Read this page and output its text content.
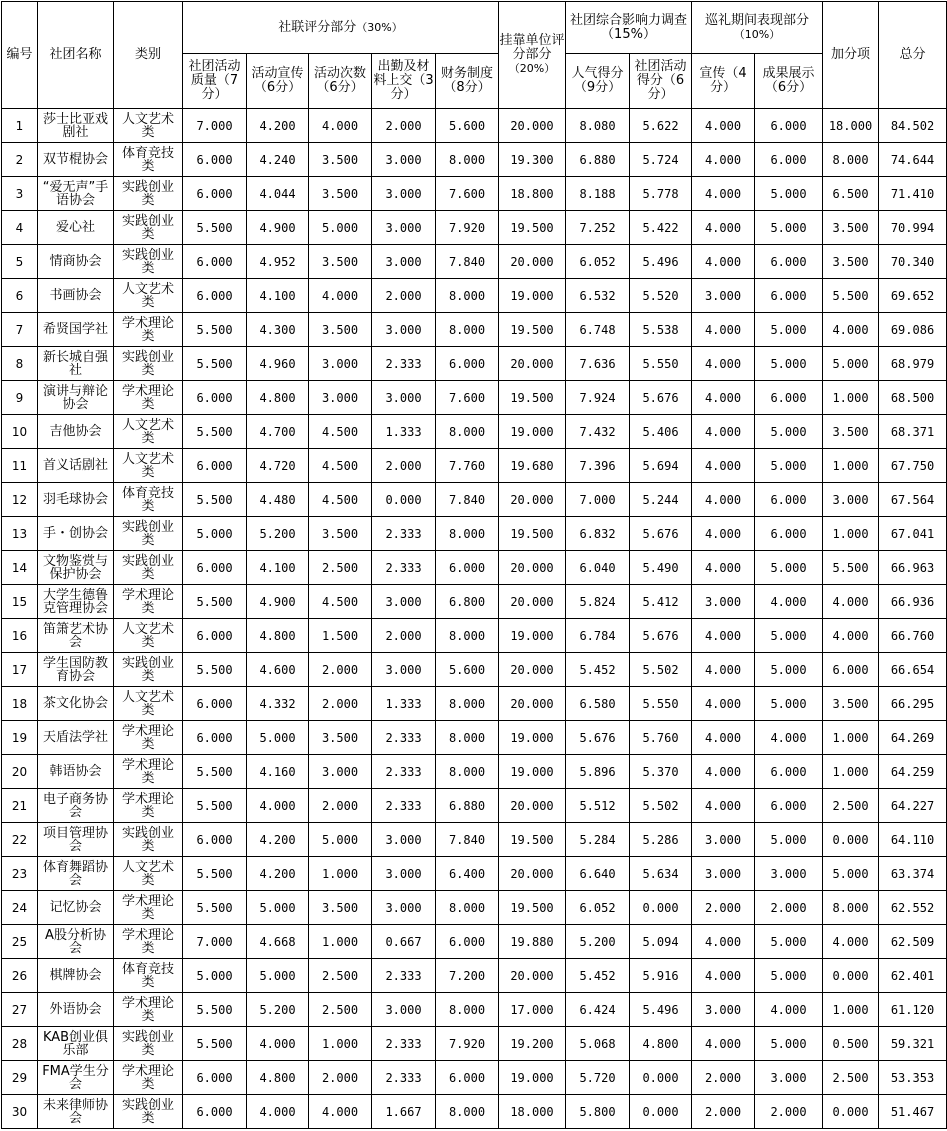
编号	社团名称	类别	社联评分部分（30%）					挂靠单位评分部分
（20%）	社团综合影响力调查（15%）		巡礼期间表现部分
（10%）		加分项	总分
			社团活动质量（7分）	活动宣传（6分）	活动次数（6分）	出勤及材料上交（3分）	财务制度（8分）		人气得分（9分）	社团活动得分（6分）	宣传（4分）	成果展示（6分）		
1	莎士比亚戏剧社	人文艺术类	7.000	4.200	4.000	2.000	5.600	20.000	8.080	5.622	4.000	6.000	18.000	84.502
2	双节棍协会	体育竞技类	6.000	4.240	3.500	3.000	8.000	19.300	6.880	5.724	4.000	6.000	8.000	74.644
3	“爱无声”手语协会	实践创业类	6.000	4.044	3.500	3.000	7.600	18.800	8.188	5.778	4.000	5.000	6.500	71.410
4	爱心社	实践创业类	5.500	4.900	5.000	3.000	7.920	19.500	7.252	5.422	4.000	5.000	3.500	70.994
5	情商协会	实践创业类	6.000	4.952	3.500	3.000	7.840	20.000	6.052	5.496	4.000	6.000	3.500	70.340
6	书画协会	人文艺术类	6.000	4.100	4.000	2.000	8.000	19.000	6.532	5.520	3.000	6.000	5.500	69.652
7	希贤国学社	学术理论类	5.500	4.300	3.500	3.000	8.000	19.500	6.748	5.538	4.000	5.000	4.000	69.086
8	新长城自强社	实践创业类	5.500	4.960	3.000	2.333	6.000	20.000	7.636	5.550	4.000	5.000	5.000	68.979
9	演讲与辩论协会	学术理论类	6.000	4.800	3.000	3.000	7.600	19.500	7.924	5.676	4.000	6.000	1.000	68.500
10	吉他协会	人文艺术类	5.500	4.700	4.500	1.333	8.000	19.000	7.432	5.406	4.000	5.000	3.500	68.371
11	首义话剧社	人文艺术类	6.000	4.720	4.500	2.000	7.760	19.680	7.396	5.694	4.000	5.000	1.000	67.750
12	羽毛球协会	体育竞技类	5.500	4.480	4.500	0.000	7.840	20.000	7.000	5.244	4.000	6.000	3.000	67.564
13	手・创协会	实践创业类	5.000	5.200	3.500	2.333	8.000	19.500	6.832	5.676	4.000	6.000	1.000	67.041
14	文物鉴赏与保护协会	实践创业类	6.000	4.100	2.500	2.333	6.000	20.000	6.040	5.490	4.000	5.000	5.500	66.963
15	大学生德鲁克管理协会	学术理论类	5.500	4.900	4.500	3.000	6.800	20.000	5.824	5.412	3.000	4.000	4.000	66.936
16	笛箫艺术协会	人文艺术类	6.000	4.800	1.500	2.000	8.000	19.000	6.784	5.676	4.000	5.000	4.000	66.760
17	学生国防教育协会	实践创业类	5.500	4.600	2.000	3.000	5.600	20.000	5.452	5.502	4.000	5.000	6.000	66.654
18	茶文化协会	人文艺术类	6.000	4.332	2.000	1.333	8.000	20.000	6.580	5.550	4.000	5.000	3.500	66.295
19	天盾法学社	学术理论类	6.000	5.000	3.500	2.333	8.000	19.000	5.676	5.760	4.000	4.000	1.000	64.269
20	韩语协会	学术理论类	5.500	4.160	3.000	2.333	8.000	19.000	5.896	5.370	4.000	6.000	1.000	64.259
21	电子商务协会	学术理论类	5.500	4.000	2.000	2.333	6.880	20.000	5.512	5.502	4.000	6.000	2.500	64.227
22	项目管理协会	实践创业类	6.000	4.200	5.000	3.000	7.840	19.500	5.284	5.286	3.000	5.000	0.000	64.110
23	体育舞蹈协会	人文艺术类	5.500	4.200	1.000	3.000	6.400	20.000	6.640	5.634	3.000	3.000	5.000	63.374
24	记忆协会	学术理论类	5.500	5.000	3.500	3.000	8.000	19.500	6.052	0.000	2.000	2.000	8.000	62.552
25	A股分析协会	学术理论类	7.000	4.668	1.000	0.667	6.000	19.880	5.200	5.094	4.000	5.000	4.000	62.509
26	棋牌协会	体育竞技类	5.000	5.000	2.500	2.333	7.200	20.000	5.452	5.916	4.000	5.000	0.000	62.401
27	外语协会	学术理论类	5.500	5.200	2.500	3.000	8.000	17.000	6.424	5.496	3.000	4.000	1.000	61.120
28	KAB创业俱乐部	实践创业类	5.500	4.000	1.000	2.333	7.920	19.200	5.068	4.800	4.000	5.000	0.500	59.321
29	FMA学生分会	学术理论类	6.000	4.800	2.000	2.333	6.000	19.000	5.720	0.000	2.000	3.000	2.500	53.353
30	未来律师协会	实践创业类	6.000	4.000	4.000	1.667	8.000	18.000	5.800	0.000	2.000	2.000	0.000	51.467
